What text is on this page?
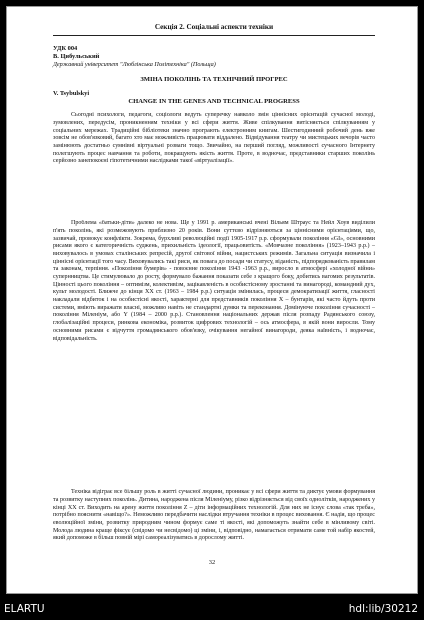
Секція 2. Соціальні аспекти техніки
УДК 004
В. Цибульський
Державний університет "Люблінська Політехніка" (Польща)
ЗМІНА ПОКОЛІНЬ ТА ТЕХНІЧНИЙ ПРОГРЕС
V. Tsybulskyi
CHANGE IN THE GENES AND TECHNICAL PROGRESS

Сьогодні психологи, педагоги, соціологи ведуть суперечку навколо змін ціннісних орієнтацій сучасної молоді, зумовлених, передусім, проникненням техніки у всі сфери життя. Живе спілкування витісняється спілкуванням у соціальних мережах. Традиційні бібліотеки значно програють електронним книгам. Шестигодинний робочий день вже зовсім не обов'язковий, багато хто має можливість працювати віддалено. Відвідування театру чи мистецьких вечорів часто замінюють достатньо сумнівні віртуальні розваги тощо. Звичайно, на перший погляд, можливості сучасного Інтернету полегшують процес навчання та роботи, покращують якість життя. Проте, в водночас, представники старших поколінь серйозно занепокоєні гіпотетичними наслідками такої «віртуалізації».

Проблема «батьки-діти» далеко не нова. Ще у 1991 р. американські вчені Вільям Штраус та Нейл Хоув виділили п'ять поколінь, які розмежовують приблизно 20 років. Вони суттєво відрізняються за ціннісними орієнтаціями, що, зазвичай, провокує конфлікти. Зокрема, бурхливі революційні події 1905-1917 р.р. сформували покоління «GI», основними рисами якого є категоричність суджень, прихильність ідеології, працьовитість. «Мовчазне покоління» (1923–1943 р.р.) – виховувалось в умовах сталінських репресій, другої світової війни, нацистських режимів. Загальна ситуація визначила і ціннісні орієнтації того часу. Виховувались такі риси, як повага до посади чи статусу, віданість, підпорядкованість правилам та законам, терпіння. «Покоління бумерів» - повоєнне покоління 1943 -1963 р.р., виросло в атмосфері «холодної війни» супернництва. Це стимулювало до росту, формувало бажання показати себе з кращого боку, добитись вагомих результатів. Цінності цього покоління – оптимізм, колективізм, зацікавленість в особистісному зростанні та винагороді, командний дух, культ молодості. Ближче до кінця ХХ ст. (1963 – 1984 р.р.) ситуація змінилась, процеси демократизації життя, гласності накладали відбиток і на особистісні якості, характерні для представників покоління Х – бунтарів, які часто йдуть проти системи, вміють виражати власні, можливо навіть не стандартні думки та переконання. Домінуюче покоління сучасності – покоління Міленіум, або Y (1984 – 2000 р.р.). Становлення національних держав після розпаду Радянського союзу, глобалізаційні процеси, ринкова економіка, розвиток цифрових технологій – ось атмосфера, в якій вони виросли. Тому основними рисами є відчуття громадянського обов'язку, очікування негайної винагороди, деяка наївність, і водночас, відповідальність.

Техніка відіграє все більшу роль в житті сучасної людини, проникає у всі сфери життя та диктує умови формування та розвитку наступних поколінь. Дитина, народжена після Міленіуму, різко відрізняється від своїх однолітків, народжених у кінці ХХ ст. Виходить на арену життя покоління Z – діти інформаційних технологій. Для них не існує слова «так треба», потрібно пояснити «навіщо?». Неможливо передбачити наслідки втручання техніки в процес виховання. Є надія, що процес еволюційної зміни, розвитку природним чином формує саме ті якості, які допоможуть знайти себе в мінливому світі. Молода людина краще фіксує (свідомо чи несвідомо) ці зміни, і, відповідно, намагається отримати саме той набір якостей, який допоможе в більш повній мірі самореалізуватись в дорослому житті.

32
ELARTU	hdl:lib/30212
